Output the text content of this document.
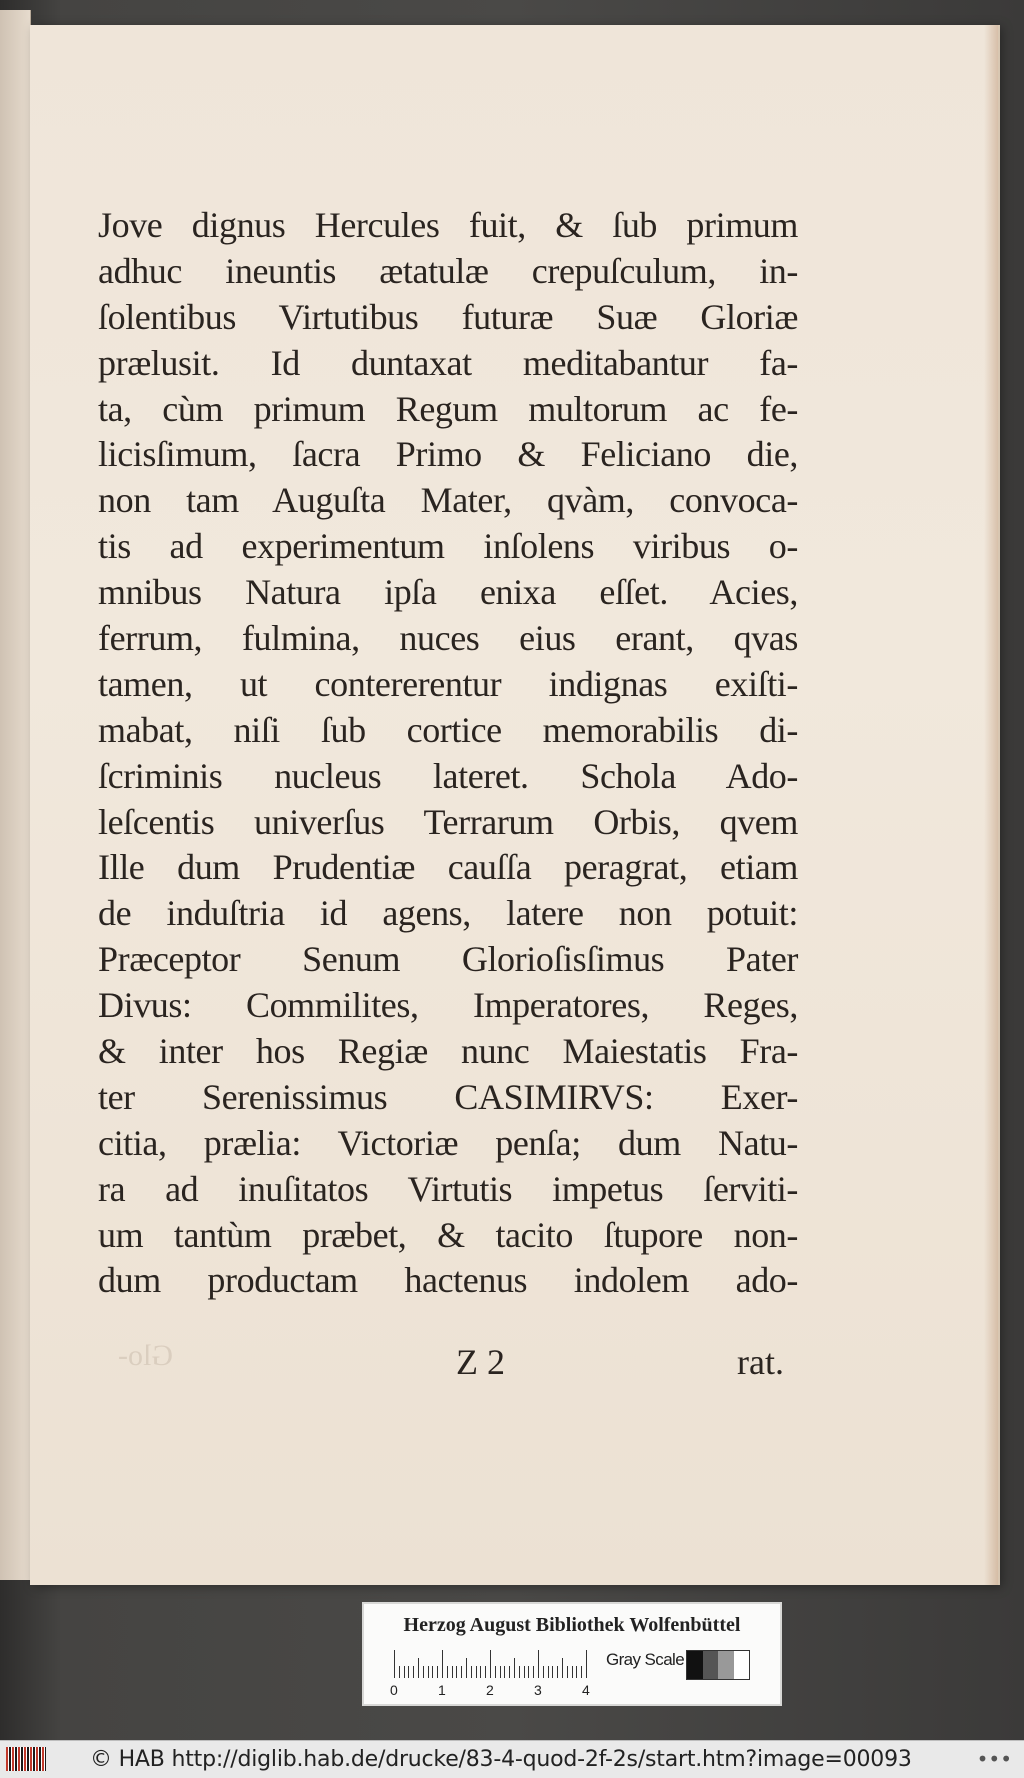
Jove dignus Hercules fuit, & ſub primum
adhuc ineuntis ætatulæ crepuſculum, in-
ſolentibus Virtutibus futuræ Suæ Gloriæ
prælusit. Id duntaxat meditabantur fa-
ta, cùm primum Regum multorum ac fe-
licisſimum, ſacra Primo & Feliciano die,
non tam Auguſta Mater, qvàm, convoca-
tis ad experimentum inſolens viribus o-
mnibus Natura ipſa enixa eſſet. Acies,
ferrum, fulmina, nuces eius erant, qvas
tamen, ut contererentur indignas exiſti-
mabat, niſi ſub cortice memorabilis di-
ſcriminis nucleus lateret. Schola Ado-
leſcentis univerſus Terrarum Orbis, qvem
Ille dum Prudentiæ cauſſa peragrat, etiam
de induſtria id agens, latere non potuit:
Præceptor Senum Glorioſisſimus Pater
Divus: Commilites, Imperatores, Reges,
& inter hos Regiæ nunc Maiestatis Fra-
ter Serenissimus CASIMIRVS: Exer-
citia, prælia: Victoriæ penſa; dum Natu-
ra ad inuſitatos Virtutis impetus ſerviti-
um tantùm præbet, & tacito ſtupore non-
dum productam hactenus indolem ado-
Glo-	Z 2	rat.
Herzog August Bibliothek Wolfenbüttel
0	1	2	3	4
Gray Scale
© HAB http://diglib.hab.de/drucke/83-4-quod-2f-2s/start.htm?image=00093	•••
